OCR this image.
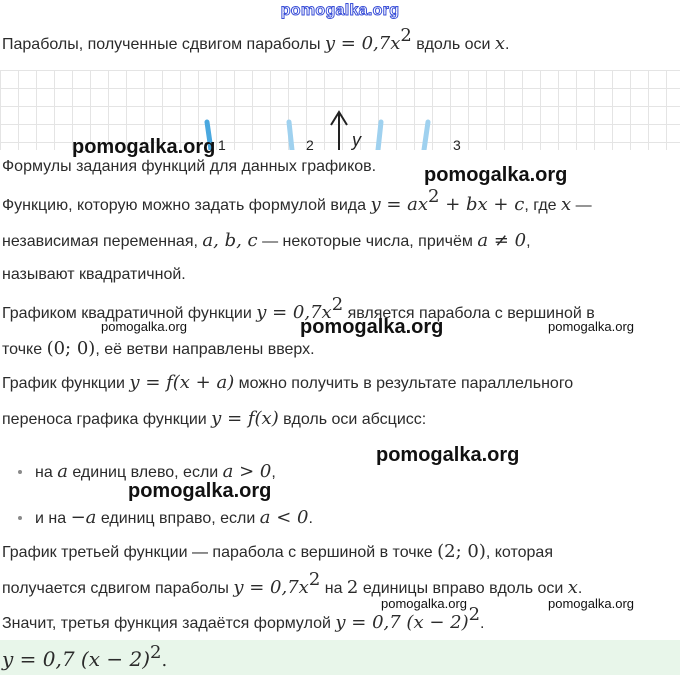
pomogalka.org
Параболы, полученные сдвигом параболы $y = 0,7x^2$ вдоль оси x.
1	2 y	3
Формулы задания функций для данных графиков.
Функцию, которую можно задать формулой вида $y = ax^2$ + bx + c, где x —
независимая переменная, a, b, c — некоторые числа, причём a ≠ 0,
называют квадратичной.
Графиком квадратичной функции $y = 0,7x^2$ является парабола с вершиной в
точке (0; 0), её ветви направлены вверх.
График функции y = f(x + a) можно получить в результате параллельного
переноса графика функции y = f(x) вдоль оси абсцисс:
на a единиц влево, если a > 0,
и на −a единиц вправо, если a < 0.
График третьей функции — парабола с вершиной в точке (2; 0), которая
получается сдвигом параболы $y = 0,7x^2$ на 2 единицы вправо вдоль оси x.
Значит, третья функция задаётся формулой y = 0,7 $(x - 2)^2$.
y = 0,7 $(x - 2)^2$.
pomogalka.org
pomogalka.org
pomogalka.org	pomogalka.org	pomogalka.org
pomogalka.org
pomogalka.org
pomogalka.org	pomogalka.org
